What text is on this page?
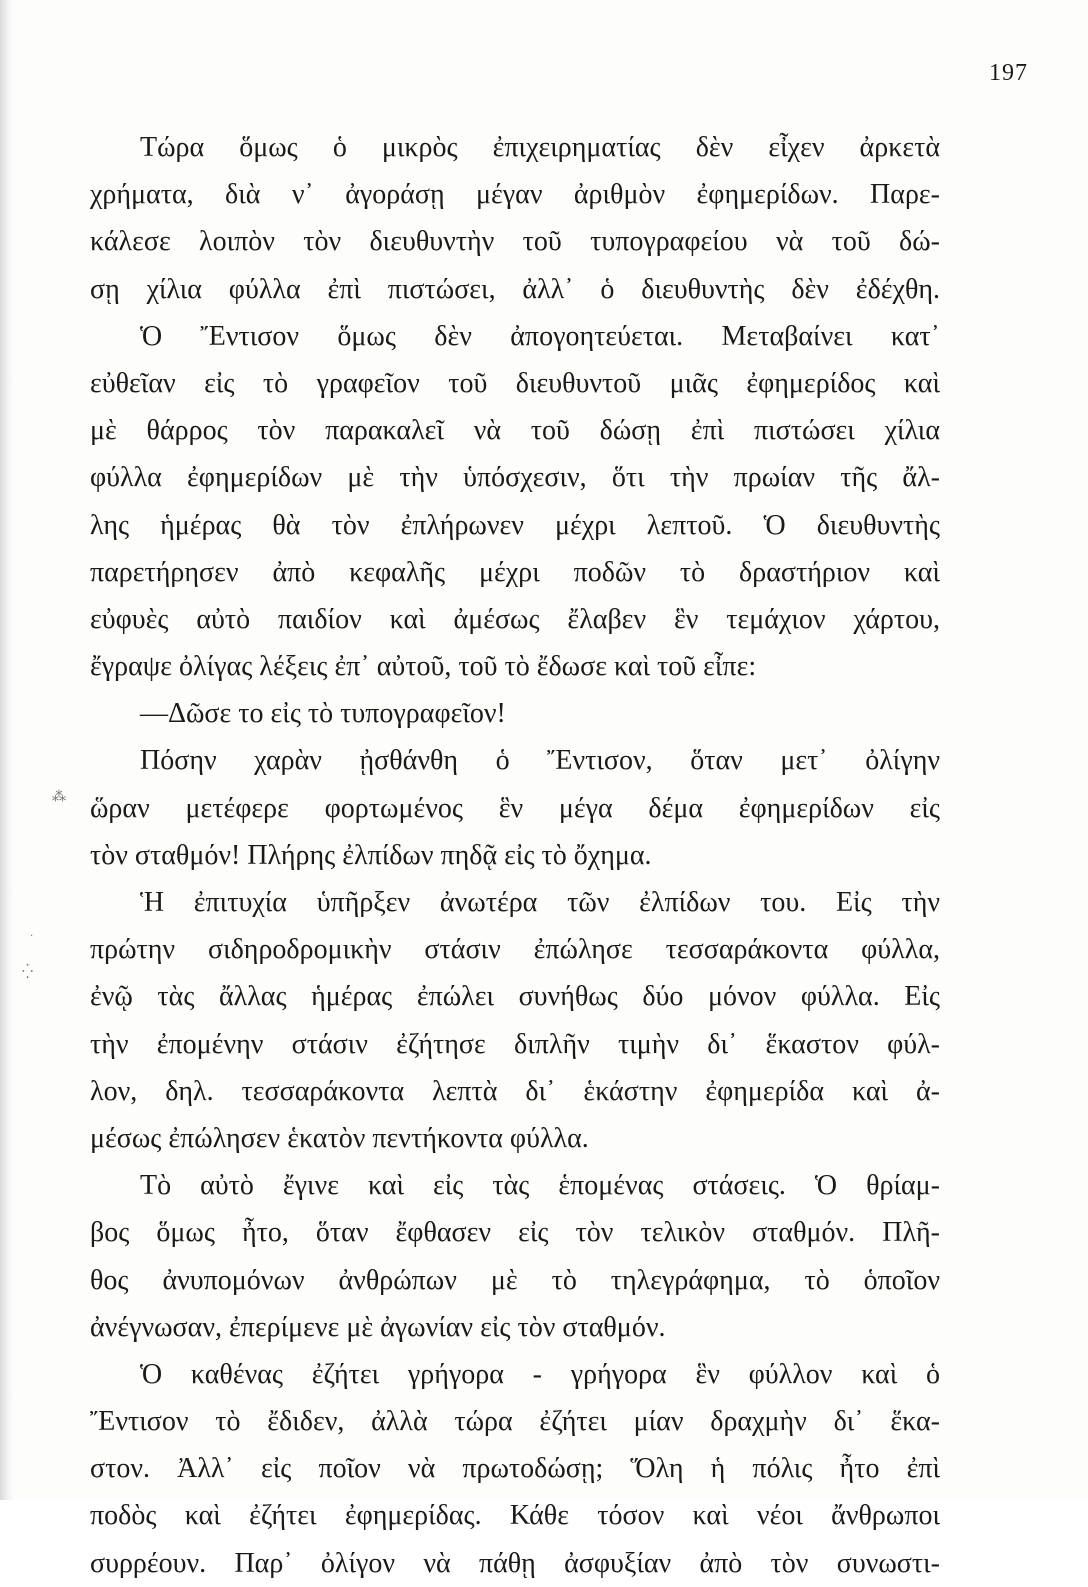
⁂
⁛
·
197
Τώρα ὅμως ὁ μικρὸς ἐπιχειρηματίας δὲν εἶχεν ἀρκετὰ
χρήματα, διὰ ν᾿ ἀγοράσῃ μέγαν ἀριθμὸν ἐφημερίδων. Παρε-
κάλεσε λοιπὸν τὸν διευθυντὴν τοῦ τυπογραφείου νὰ τοῦ δώ-
σῃ χίλια φύλλα ἐπὶ πιστώσει, ἀλλ᾿ ὁ διευθυντὴς δὲν ἐδέχθη.
Ὁ Ἔντισον ὅμως δὲν ἀπογοητεύεται. Μεταβαίνει κατ᾿
εὐθεῖαν εἰς τὸ γραφεῖον τοῦ διευθυντοῦ μιᾶς ἐφημερίδος καὶ
μὲ θάρρος τὸν παρακαλεῖ νὰ τοῦ δώσῃ ἐπὶ πιστώσει χίλια
φύλλα ἐφημερίδων μὲ τὴν ὑπόσχεσιν, ὅτι τὴν πρωίαν τῆς ἄλ-
λης ἡμέρας θὰ τὸν ἐπλήρωνεν μέχρι λεπτοῦ. Ὁ διευθυντὴς
παρετήρησεν ἀπὸ κεφαλῆς μέχρι ποδῶν τὸ δραστήριον καὶ
εὐφυὲς αὐτὸ παιδίον καὶ ἀμέσως ἔλαβεν ἓν τεμάχιον χάρτου,
ἔγραψε ὀλίγας λέξεις ἐπ᾿ αὐτοῦ, τοῦ τὸ ἔδωσε καὶ τοῦ εἶπε:
—Δῶσε το εἰς τὸ τυπογραφεῖον!
Πόσην χαρὰν ᾐσθάνθη ὁ Ἔντισον, ὅταν μετ᾿ ὀλίγην
ὥραν μετέφερε φορτωμένος ἓν μέγα δέμα ἐφημερίδων εἰς
τὸν σταθμόν! Πλήρης ἐλπίδων πηδᾷ εἰς τὸ ὄχημα.
Ἡ ἐπιτυχία ὑπῆρξεν ἀνωτέρα τῶν ἐλπίδων του. Εἰς τὴν
πρώτην σιδηροδρομικὴν στάσιν ἐπώλησε τεσσαράκοντα φύλλα,
ἐνῷ τὰς ἄλλας ἡμέρας ἐπώλει συνήθως δύο μόνον φύλλα. Εἰς
τὴν ἐπομένην στάσιν ἐζήτησε διπλῆν τιμὴν δι᾿ ἕκαστον φύλ-
λον, δηλ. τεσσαράκοντα λεπτὰ δι᾿ ἑκάστην ἐφημερίδα καὶ ἀ-
μέσως ἐπώλησεν ἑκατὸν πεντήκοντα φύλλα.
Τὸ αὐτὸ ἔγινε καὶ εἰς τὰς ἑπομένας στάσεις. Ὁ θρίαμ-
βος ὅμως ἦτο, ὅταν ἔφθασεν εἰς τὸν τελικὸν σταθμόν. Πλῆ-
θος ἀνυπομόνων ἀνθρώπων μὲ τὸ τηλεγράφημα, τὸ ὁποῖον
ἀνέγνωσαν, ἐπερίμενε μὲ ἀγωνίαν εἰς τὸν σταθμόν.
Ὁ καθένας ἐζήτει γρήγορα - γρήγορα ἓν φύλλον καὶ ὁ
Ἔντισον τὸ ἔδιδεν, ἀλλὰ τώρα ἐζήτει μίαν δραχμὴν δι᾿ ἕκα-
στον. Ἀλλ᾿ εἰς ποῖον νὰ πρωτοδώσῃ; Ὅλη ἡ πόλις ἦτο ἐπὶ
ποδὸς καὶ ἐζήτει ἐφημερίδας. Κάθε τόσον καὶ νέοι ἄνθρωποι
συρρέουν. Παρ᾿ ὀλίγον νὰ πάθῃ ἀσφυξίαν ἀπὸ τὸν συνωστι-
